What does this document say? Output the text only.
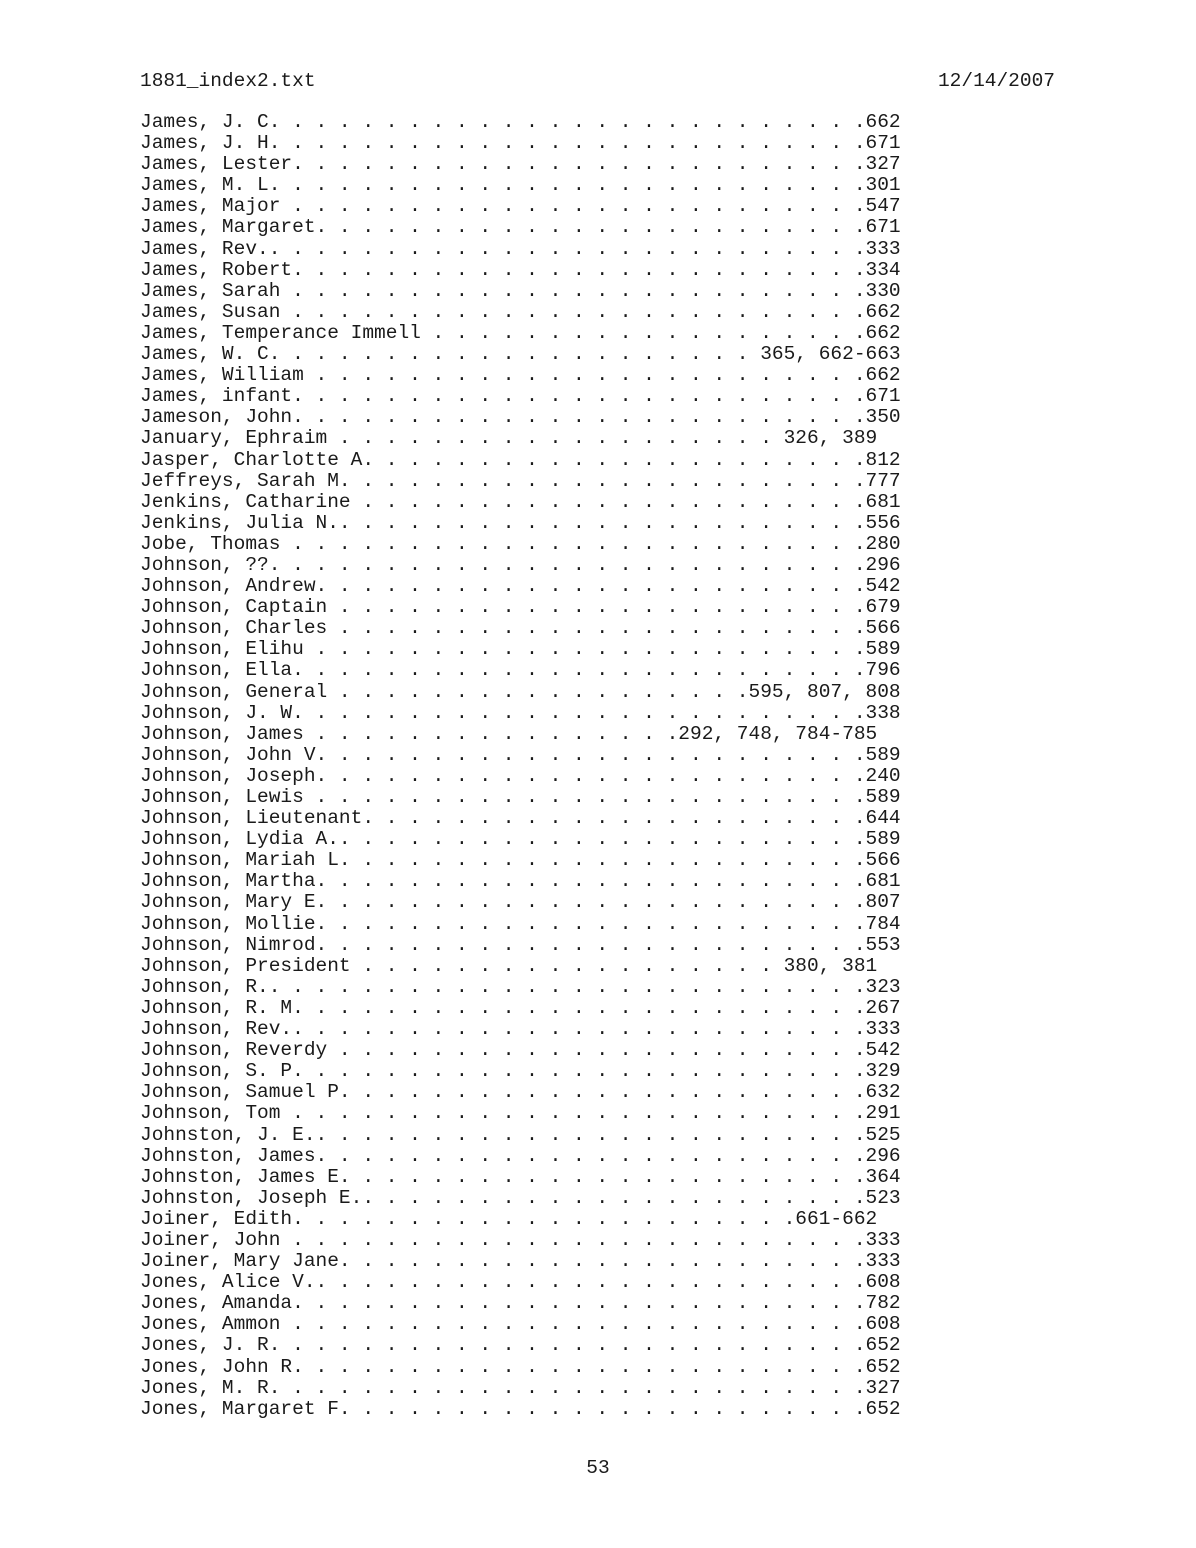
1881_index2.txt	12/14/2007
James, J. C. . . . . . . . . . . . . . . . . . . . . . . . . .662
James, J. H. . . . . . . . . . . . . . . . . . . . . . . . . .671
James, Lester. . . . . . . . . . . . . . . . . . . . . . . . .327
James, M. L. . . . . . . . . . . . . . . . . . . . . . . . . .301
James, Major . . . . . . . . . . . . . . . . . . . . . . . . .547
James, Margaret. . . . . . . . . . . . . . . . . . . . . . . .671
James, Rev.. . . . . . . . . . . . . . . . . . . . . . . . . .333
James, Robert. . . . . . . . . . . . . . . . . . . . . . . . .334
James, Sarah . . . . . . . . . . . . . . . . . . . . . . . . .330
James, Susan . . . . . . . . . . . . . . . . . . . . . . . . .662
James, Temperance Immell . . . . . . . . . . . . . . . . . . .662
James, W. C. . . . . . . . . . . . . . . . . . . . . 365, 662-663
James, William . . . . . . . . . . . . . . . . . . . . . . . .662
James, infant. . . . . . . . . . . . . . . . . . . . . . . . .671
Jameson, John. . . . . . . . . . . . . . . . . . . . . . . . .350
January, Ephraim . . . . . . . . . . . . . . . . . . . 326, 389
Jasper, Charlotte A. . . . . . . . . . . . . . . . . . . . . .812
Jeffreys, Sarah M. . . . . . . . . . . . . . . . . . . . . . .777
Jenkins, Catharine . . . . . . . . . . . . . . . . . . . . . .681
Jenkins, Julia N.. . . . . . . . . . . . . . . . . . . . . . .556
Jobe, Thomas . . . . . . . . . . . . . . . . . . . . . . . . .280
Johnson, ??. . . . . . . . . . . . . . . . . . . . . . . . . .296
Johnson, Andrew. . . . . . . . . . . . . . . . . . . . . . . .542
Johnson, Captain . . . . . . . . . . . . . . . . . . . . . . .679
Johnson, Charles . . . . . . . . . . . . . . . . . . . . . . .566
Johnson, Elihu . . . . . . . . . . . . . . . . . . . . . . . .589
Johnson, Ella. . . . . . . . . . . . . . . . . . . . . . . . .796
Johnson, General . . . . . . . . . . . . . . . . . .595, 807, 808
Johnson, J. W. . . . . . . . . . . . . . . . . . . . . . . . .338
Johnson, James . . . . . . . . . . . . . . . .292, 748, 784-785
Johnson, John V. . . . . . . . . . . . . . . . . . . . . . . .589
Johnson, Joseph. . . . . . . . . . . . . . . . . . . . . . . .240
Johnson, Lewis . . . . . . . . . . . . . . . . . . . . . . . .589
Johnson, Lieutenant. . . . . . . . . . . . . . . . . . . . . .644
Johnson, Lydia A.. . . . . . . . . . . . . . . . . . . . . . .589
Johnson, Mariah L. . . . . . . . . . . . . . . . . . . . . . .566
Johnson, Martha. . . . . . . . . . . . . . . . . . . . . . . .681
Johnson, Mary E. . . . . . . . . . . . . . . . . . . . . . . .807
Johnson, Mollie. . . . . . . . . . . . . . . . . . . . . . . .784
Johnson, Nimrod. . . . . . . . . . . . . . . . . . . . . . . .553
Johnson, President . . . . . . . . . . . . . . . . . . 380, 381
Johnson, R.. . . . . . . . . . . . . . . . . . . . . . . . . .323
Johnson, R. M. . . . . . . . . . . . . . . . . . . . . . . . .267
Johnson, Rev.. . . . . . . . . . . . . . . . . . . . . . . . .333
Johnson, Reverdy . . . . . . . . . . . . . . . . . . . . . . .542
Johnson, S. P. . . . . . . . . . . . . . . . . . . . . . . . .329
Johnson, Samuel P. . . . . . . . . . . . . . . . . . . . . . .632
Johnson, Tom . . . . . . . . . . . . . . . . . . . . . . . . .291
Johnston, J. E.. . . . . . . . . . . . . . . . . . . . . . . .525
Johnston, James. . . . . . . . . . . . . . . . . . . . . . . .296
Johnston, James E. . . . . . . . . . . . . . . . . . . . . . .364
Johnston, Joseph E.. . . . . . . . . . . . . . . . . . . . . .523
Joiner, Edith. . . . . . . . . . . . . . . . . . . . . .661-662
Joiner, John . . . . . . . . . . . . . . . . . . . . . . . . .333
Joiner, Mary Jane. . . . . . . . . . . . . . . . . . . . . . .333
Jones, Alice V.. . . . . . . . . . . . . . . . . . . . . . . .608
Jones, Amanda. . . . . . . . . . . . . . . . . . . . . . . . .782
Jones, Ammon . . . . . . . . . . . . . . . . . . . . . . . . .608
Jones, J. R. . . . . . . . . . . . . . . . . . . . . . . . . .652
Jones, John R. . . . . . . . . . . . . . . . . . . . . . . . .652
Jones, M. R. . . . . . . . . . . . . . . . . . . . . . . . . .327
Jones, Margaret F. . . . . . . . . . . . . . . . . . . . . . .652
53
